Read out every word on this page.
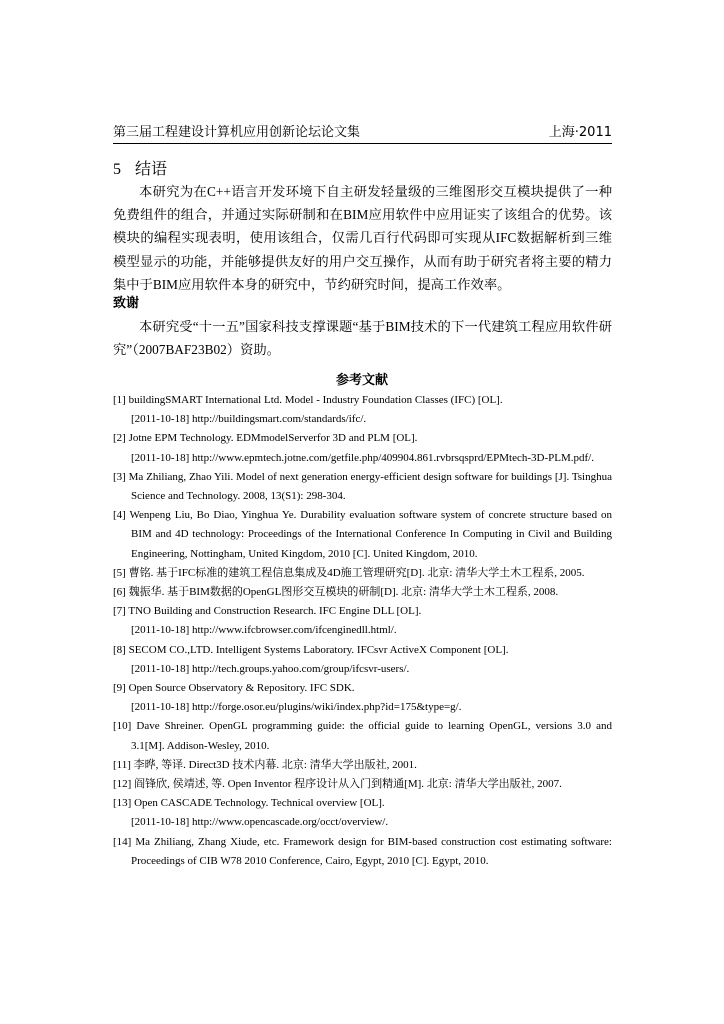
第三届工程建设计算机应用创新论坛论文集	上海·2011
5 结语

本研究为在C++语言开发环境下自主研发轻量级的三维图形交互模块提供了一种免费组件的组合，并通过实际研制和在BIM应用软件中应用证实了该组合的优势。该模块的编程实现表明，使用该组合，仅需几百行代码即可实现从IFC数据解析到三维模型显示的功能，并能够提供友好的用户交互操作，从而有助于研究者将主要的精力集中于BIM应用软件本身的研究中，节约研究时间，提高工作效率。

致谢

本研究受“十一五”国家科技支撑课题“基于BIM技术的下一代建筑工程应用软件研究”（2007BAF23B02）资助。

参考文献
[1] buildingSMART International Ltd. Model - Industry Foundation Classes (IFC) [OL].
[2011-10-18] http://buildingsmart.com/standards/ifc/.
[2] Jotne EPM Technology. EDMmodelServerfor 3D and PLM [OL].
[2011-10-18] http://www.epmtech.jotne.com/getfile.php/409904.861.rvbrsqsprd/EPMtech-3D-PLM.pdf/.
[3] Ma Zhiliang, Zhao Yili. Model of next generation energy-efficient design software for buildings [J]. Tsinghua Science and Technology. 2008, 13(S1): 298-304.
[4] Wenpeng Liu, Bo Diao, Yinghua Ye. Durability evaluation software system of concrete structure based on BIM and 4D technology: Proceedings of the International Conference In Computing in Civil and Building Engineering, Nottingham, United Kingdom, 2010 [C]. United Kingdom, 2010.
[5] 曹铭. 基于IFC标准的建筑工程信息集成及4D施工管理研究[D]. 北京: 清华大学土木工程系, 2005.
[6] 魏振华. 基于BIM数据的OpenGL图形交互模块的研制[D]. 北京: 清华大学土木工程系, 2008.
[7] TNO Building and Construction Research. IFC Engine DLL [OL].
[2011-10-18] http://www.ifcbrowser.com/ifcenginedll.html/.
[8] SECOM CO.,LTD. Intelligent Systems Laboratory. IFCsvr ActiveX Component [OL].
[2011-10-18] http://tech.groups.yahoo.com/group/ifcsvr-users/.
[9] Open Source Observatory & Repository. IFC SDK.
[2011-10-18] http://forge.osor.eu/plugins/wiki/index.php?id=175&type=g/.
[10] Dave Shreiner. OpenGL programming guide: the official guide to learning OpenGL, versions 3.0 and 3.1[M]. Addison-Wesley, 2010.
[11] 李晔, 等译. Direct3D 技术内幕. 北京: 清华大学出版社, 2001.
[12] 阎锋欣, 侯靖述, 等. Open Inventor 程序设计从入门到精通[M]. 北京: 清华大学出版社, 2007.
[13] Open CASCADE Technology. Technical overview [OL].
[2011-10-18] http://www.opencascade.org/occt/overview/.
[14] Ma Zhiliang, Zhang Xiude, etc. Framework design for BIM-based construction cost estimating software: Proceedings of CIB W78 2010 Conference, Cairo, Egypt, 2010 [C]. Egypt, 2010.
